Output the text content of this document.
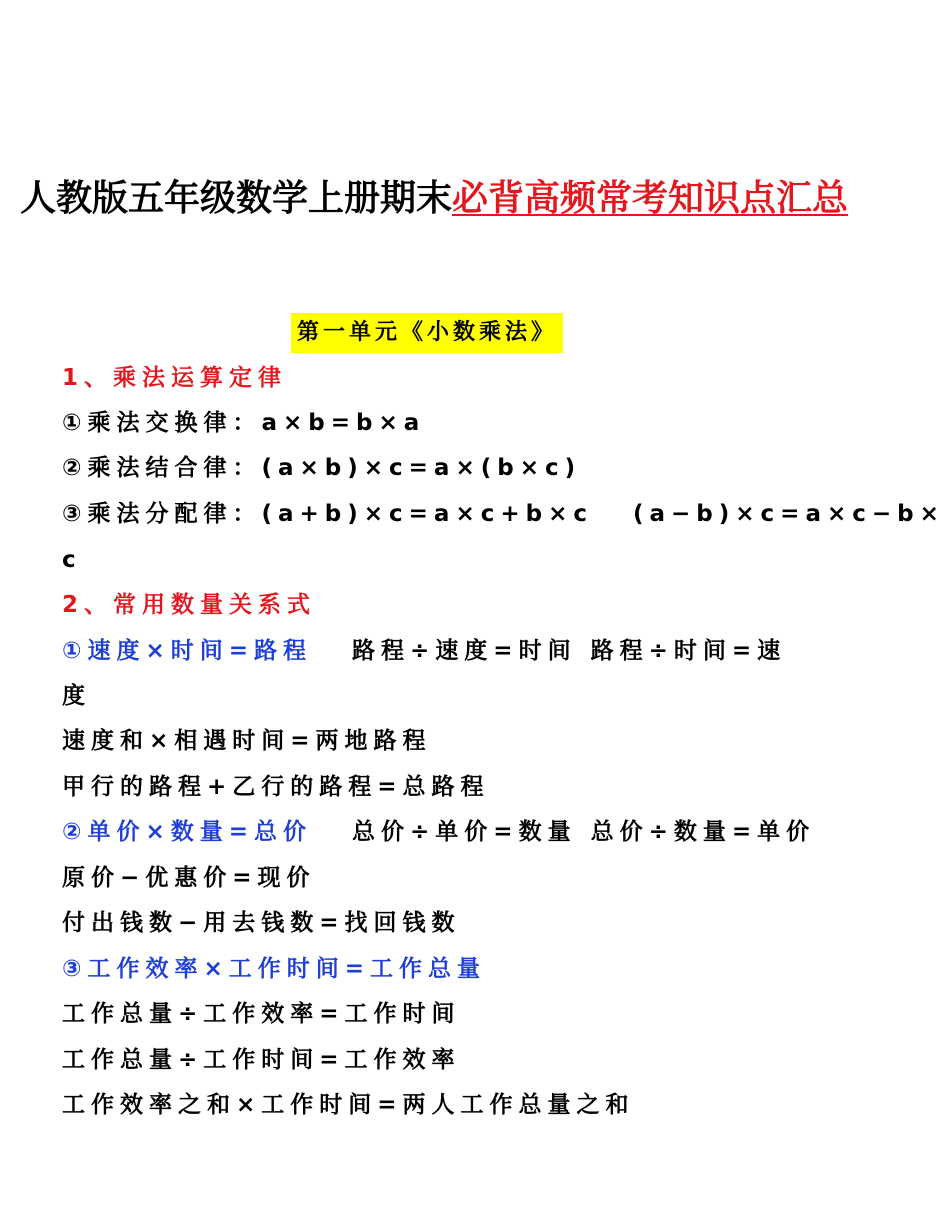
人教版五年级数学上册期末必背高频常考知识点汇总
第一单元《小数乘法》
1、乘法运算定律
①乘法交换律：a×b=b×a
②乘法结合律：(a×b)×c=a×(b×c)
③乘法分配律：(a+b)×c=a×c+b×c (a−b)×c=a×c−b×
c
2、常用数量关系式
①速度×时间=路程 路程÷速度=时间 路程÷时间=速
度
速度和×相遇时间=两地路程
甲行的路程+乙行的路程=总路程
②单价×数量=总价 总价÷单价=数量 总价÷数量=单价
原价−优惠价=现价
付出钱数−用去钱数=找回钱数
③工作效率×工作时间=工作总量
工作总量÷工作效率=工作时间
工作总量÷工作时间=工作效率
工作效率之和×工作时间=两人工作总量之和
